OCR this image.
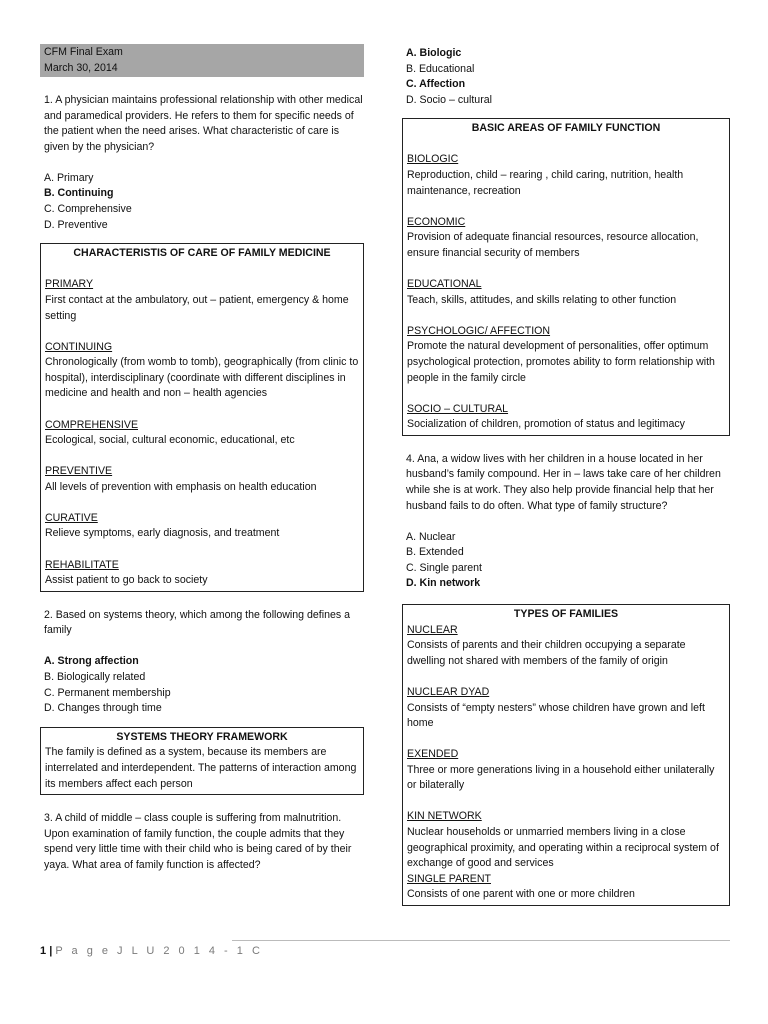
CFM Final Exam
March 30, 2014

1. A physician maintains professional relationship with other medical and paramedical providers. He refers to them for specific needs of the patient when the need arises. What characteristic of care is given by the physician?

A. Primary
B. Continuing
C. Comprehensive
D. Preventive
CHARACTERISTIS OF CARE OF FAMILY MEDICINE
PRIMARY
First contact at the ambulatory, out – patient, emergency & home setting
CONTINUING
Chronologically (from womb to tomb), geographically (from clinic to hospital), interdisciplinary (coordinate with different disciplines in medicine and health and non – health agencies
COMPREHENSIVE
Ecological, social, cultural economic, educational, etc
PREVENTIVE
All levels of prevention with emphasis on health education
CURATIVE
Relieve symptoms, early diagnosis, and treatment
REHABILITATE
Assist patient to go back to society

2. Based on systems theory, which among the following defines a family

A. Strong affection
B. Biologically related
C. Permanent membership
D. Changes through time
SYSTEMS THEORY FRAMEWORK
The family is defined as a system, because its members are interrelated and interdependent. The patterns of interaction among its members affect each person

3. A child of middle – class couple is suffering from malnutrition. Upon examination of family function, the couple admits that they spend very little time with their child who is being cared of by their yaya. What area of family function is affected?

A. Biologic
B. Educational
C. Affection
D. Socio – cultural
BASIC AREAS OF FAMILY FUNCTION
BIOLOGIC
Reproduction, child – rearing , child caring, nutrition, health maintenance, recreation
ECONOMIC
Provision of adequate financial resources, resource allocation, ensure financial security of members
EDUCATIONAL
Teach, skills, attitudes, and skills relating to other function
PSYCHOLOGIC/ AFFECTION
Promote the natural development of personalities, offer optimum psychological protection, promotes ability to form relationship with people in the family circle
SOCIO – CULTURAL
Socialization of children, promotion of status and legitimacy

4. Ana, a widow lives with her children in a house located in her husband’s family compound. Her in – laws take care of her children while she is at work. They also help provide financial help that her husband fails to do often. What type of family structure?

A. Nuclear
B. Extended
C. Single parent
D. Kin network
TYPES OF FAMILIES
NUCLEAR
Consists of parents and their children occupying a separate dwelling not shared with members of the family of origin
NUCLEAR DYAD
Consists of “empty nesters” whose children have grown and left home
EXENDED
Three or more generations living in a household either unilaterally or bilaterally
KIN NETWORK
Nuclear households or unmarried members living in a close geographical proximity, and operating within a reciprocal system of exchange of good and services
SINGLE PARENT
Consists of one parent with one or more children
1 | P a g e J L U 2 0 1 4 - 1 C
